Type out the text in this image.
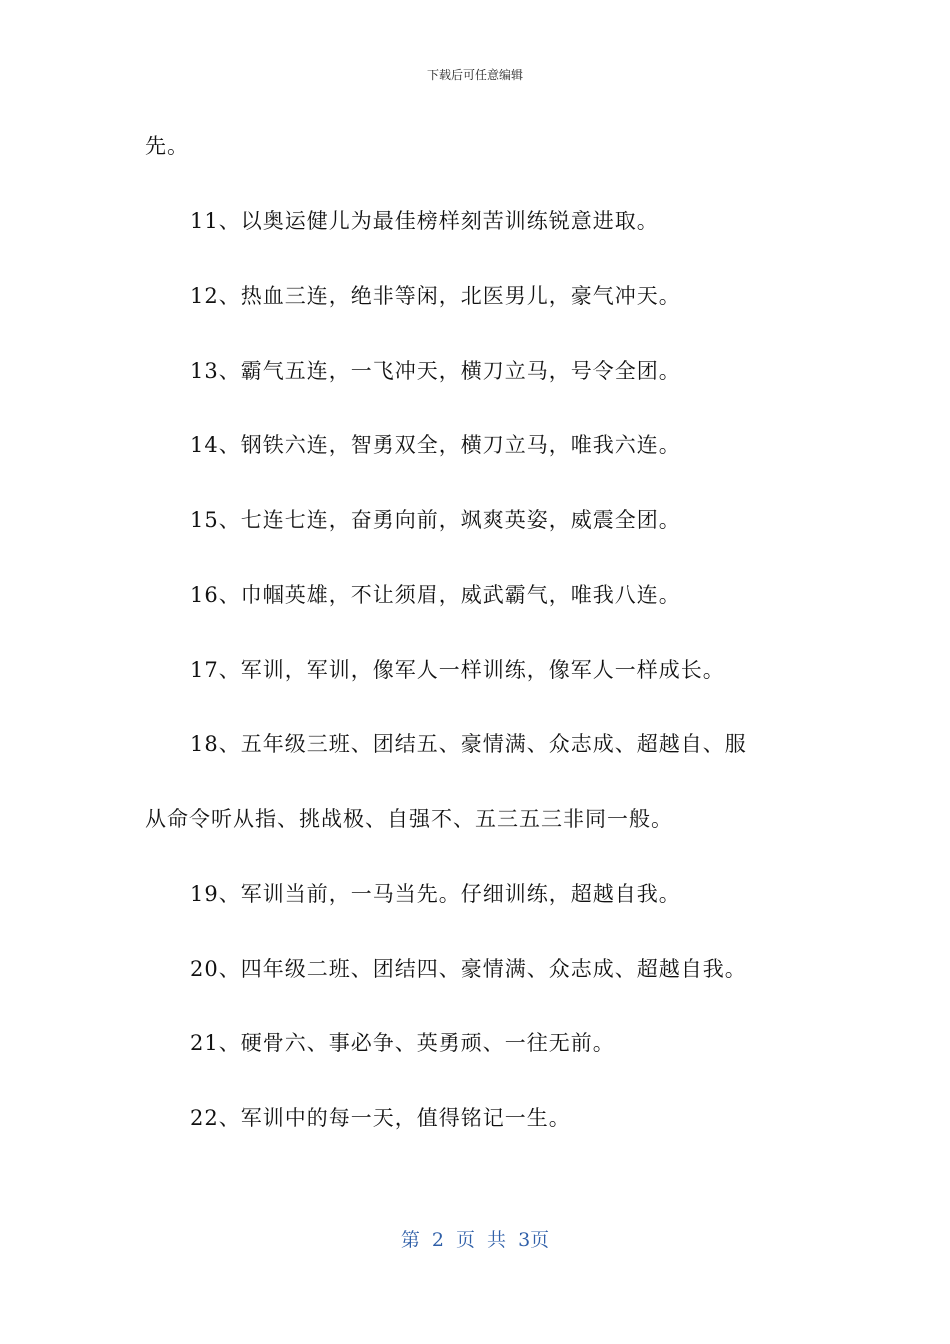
下载后可任意编辑
先。
11、以奥运健儿为最佳榜样刻苦训练锐意进取。
12、热血三连，绝非等闲，北医男儿，豪气冲天。
13、霸气五连，一飞冲天，横刀立马，号令全团。
14、钢铁六连，智勇双全，横刀立马，唯我六连。
15、七连七连，奋勇向前，飒爽英姿，威震全团。
16、巾帼英雄，不让须眉，威武霸气，唯我八连。
17、军训，军训，像军人一样训练，像军人一样成长。
18、五年级三班、团结五、豪情满、众志成、超越自、服
从命令听从指、挑战极、自强不、五三五三非同一般。
19、军训当前，一马当先。仔细训练，超越自我。
20、四年级二班、团结四、豪情满、众志成、超越自我。
21、硬骨六、事必争、英勇顽、一往无前。
22、军训中的每一天，值得铭记一生。
第 2 页 共 3页
